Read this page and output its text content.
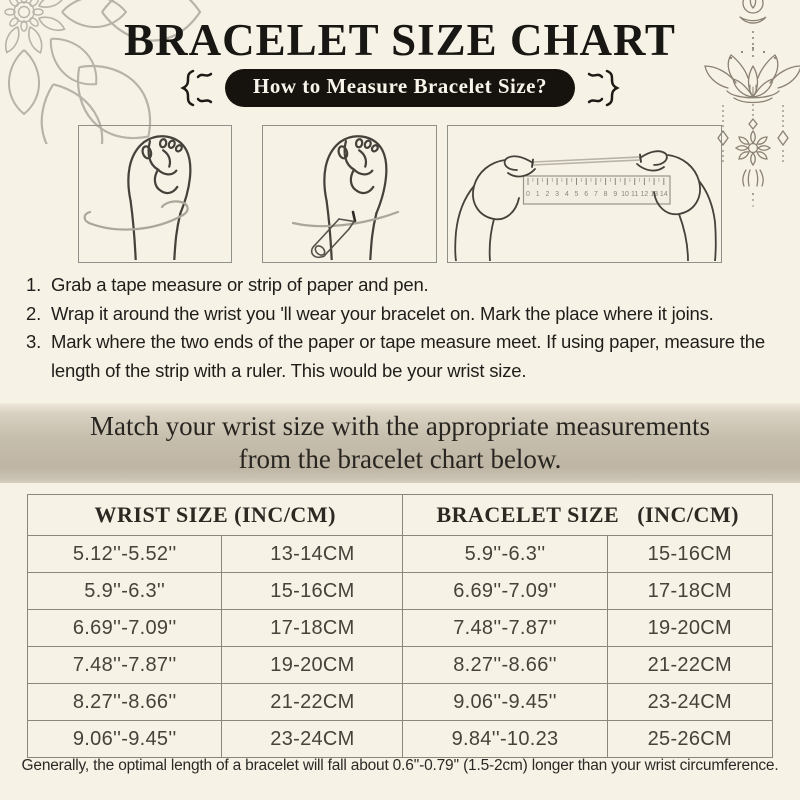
BRACELET SIZE CHART
How to Measure Bracelet Size?
0 1 2 3 4 5 6 7 8 9 10 11 12 13 14
1. Grab a tape measure or strip of paper and pen.
2. Wrap it around the wrist you 'll wear your bracelet on. Mark the place where it joins.
3. Mark where the two ends of the paper or tape measure meet. If using paper, measure the length of the strip with a ruler. This would be your wrist size.
Match your wrist size with the appropriate measurements
from the bracelet chart below.
WRIST SIZE (INC/CM)		BRACELET SIZE   (INC/CM)	
5.12''-5.52''	13-14CM	5.9''-6.3''	15-16CM
5.9''-6.3''	15-16CM	6.69''-7.09''	17-18CM
6.69''-7.09''	17-18CM	7.48''-7.87''	19-20CM
7.48''-7.87''	19-20CM	8.27''-8.66''	21-22CM
8.27''-8.66''	21-22CM	9.06''-9.45''	23-24CM
9.06''-9.45''	23-24CM	9.84''-10.23	25-26CM
Generally, the optimal length of a bracelet will fall about 0.6''-0.79'' (1.5-2cm) longer than your wrist circumference.
